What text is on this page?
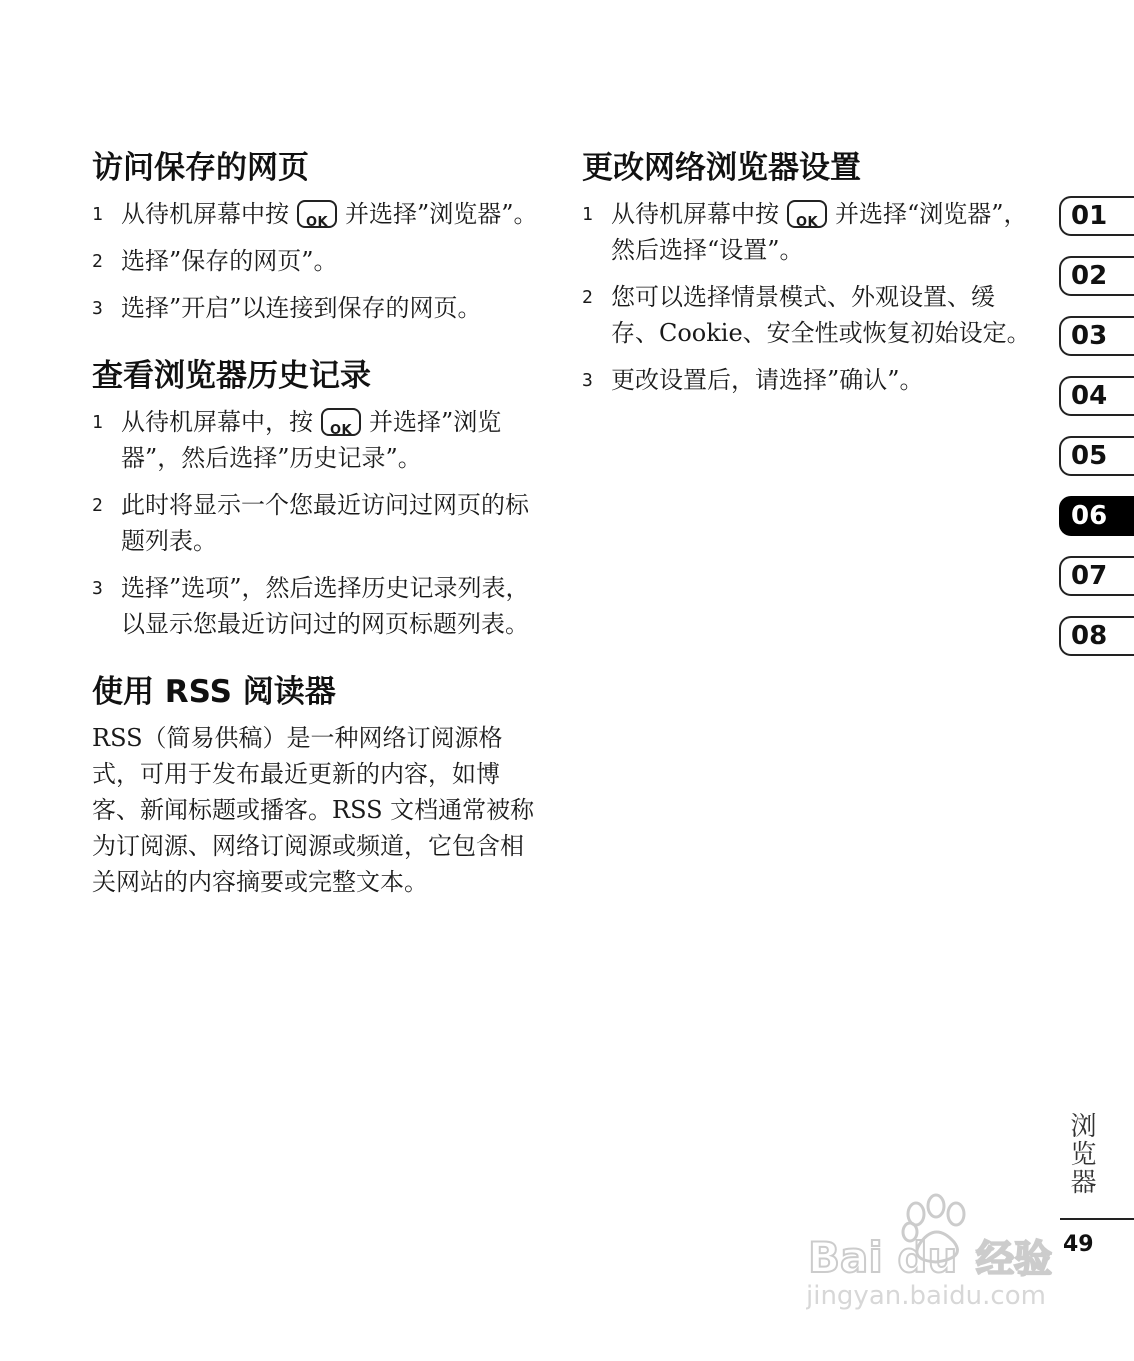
访问保存的网页
1 从待机屏幕中按	OK 并选择”浏览器”。
2 选择”保存的网页”。
3 选择”开启”以连接到保存的网页。
查看浏览器历史记录
1 从待机屏幕中，按	OK 并选择”浏览器”，然后选择”历史记录”。
2 此时将显示一个您最近访问过网页的标题列表。
3 选择”选项”，然后选择历史记录列表，以显示您最近访问过的网页标题列表。
使用 RSS 阅读器

RSS（简易供稿）是一种网络订阅源格式，可用于发布最近更新的内容，如博客、新闻标题或播客。RSS 文档通常被称为订阅源、网络订阅源或频道，它包含相关网站的内容摘要或完整文本。

更改网络浏览器设置
1 从待机屏幕中按	OK 并选择“浏览器”，然后选择“设置”。
2 您可以选择情景模式、外观设置、缓存、Cookie、安全性或恢复初始设定。
3 更改设置后，请选择”确认”。
01
02
03
04
05
06
07
08
浏览器
49
Bai du 经验
jingyan.baidu.com
